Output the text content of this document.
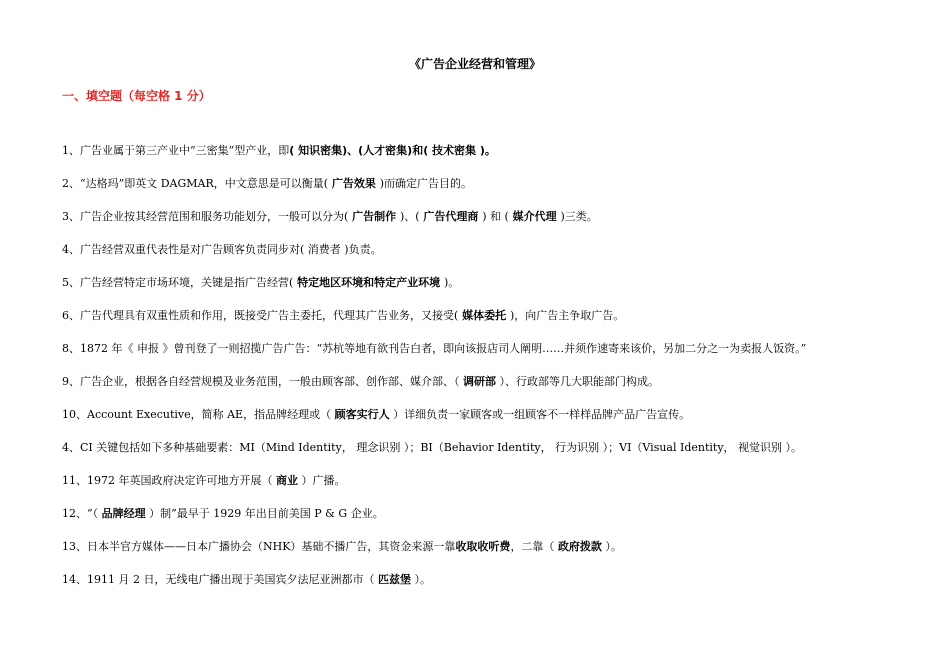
《广告企业经营和管理》
一、填空题（每空格 1 分）
1、广告业属于第三产业中“三密集”型产业，即( 知识密集)、(人才密集)和( 技术密集 )。
2、“达格玛”即英文 DAGMAR，中文意思是可以衡量( 广告效果 )而确定广告目的。
3、广告企业按其经营范围和服务功能划分，一般可以分为( 广告制作 )、( 广告代理商 ) 和 ( 媒介代理 )三类。
4、广告经营双重代表性是对广告顾客负责同步对( 消费者 )负责。
5、广告经营特定市场环境，关键是指广告经营( 特定地区环境和特定产业环境 )。
6、广告代理具有双重性质和作用，既接受广告主委托，代理其广告业务，又接受( 媒体委托 )，向广告主争取广告。
8、1872 年《 申报 》曾刊登了一则招揽广告广告：“苏杭等地有欲刊告白者，即向该报店司人阐明……并须作速寄来该价，另加二分之一为卖报人饭资。”
9、广告企业，根据各自经营规模及业务范围，一般由顾客部、创作部、媒介部、（ 调研部 ）、行政部等几大职能部门构成。
10、Account Executive，简称 AE，指品牌经理或（ 顾客实行人 ）详细负责一家顾客或一组顾客不一样样品牌产品广告宣传。
4、CI 关键包括如下多种基础要素：MI（Mind Identity， 理念识别 ）；BI（Behavior Identity， 行为识别 ）；VI（Visual Identity， 视觉识别 ）。
11、1972 年英国政府决定许可地方开展（ 商业 ）广播。
12、“（ 品牌经理 ）制”最早于 1929 年出目前美国 P & G 企业。
13、日本半官方媒体——日本广播协会（NHK）基础不播广告，其资金来源一靠收取收听费，二靠（ 政府拨款 ）。
14、1911 月 2 日，无线电广播出现于美国宾夕法尼亚洲都市（ 匹兹堡 ）。
